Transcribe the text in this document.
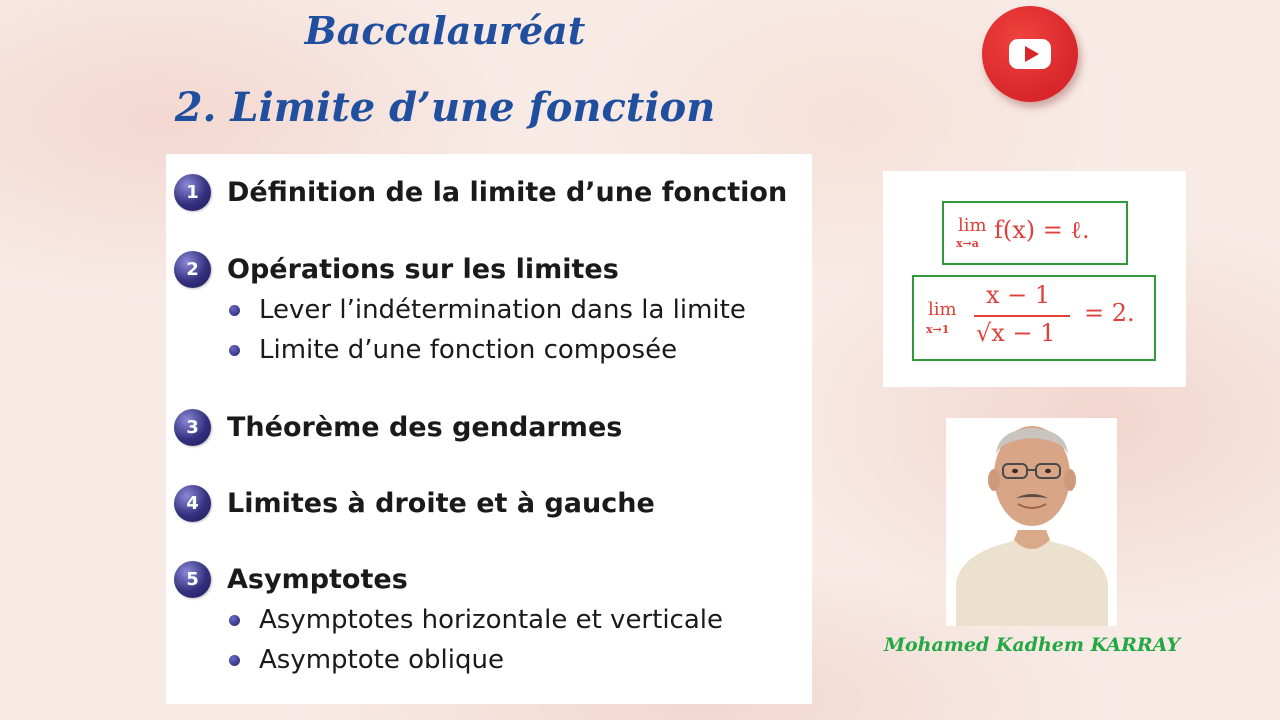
Baccalauréat
2. Limite d’une fonction
1	Définition de la limite d’une fonction
2	Opérations sur les limites
Lever l’indétermination dans la limite
Limite d’une fonction composée
3	Théorème des gendarmes
4	Limites à droite et à gauche
5	Asymptotes
Asymptotes horizontale et verticale
Asymptote oblique
lim
x→a f(x) = ℓ.
lim
x→1
x − 1
√x − 1
= 2.
Mohamed Kadhem KARRAY
